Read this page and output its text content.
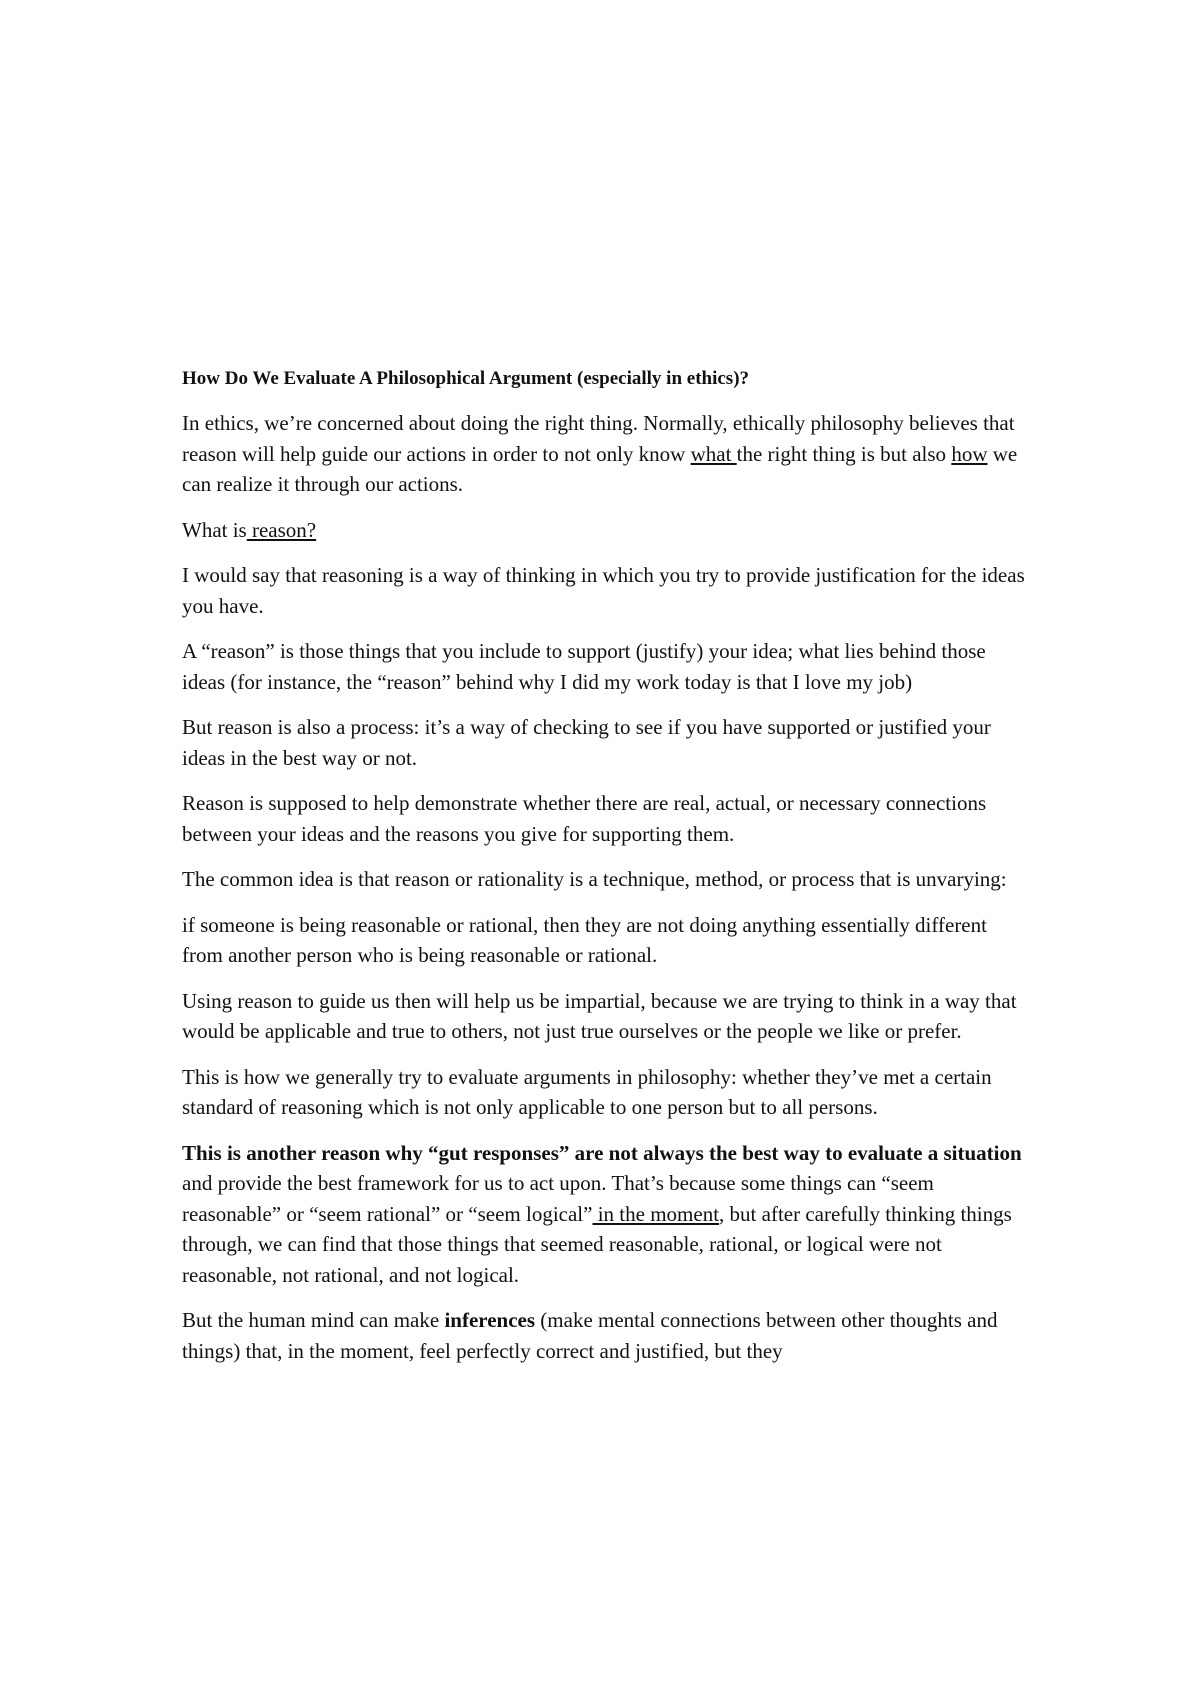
How Do We Evaluate A Philosophical Argument (especially in ethics)?

In ethics, we’re concerned about doing the right thing. Normally, ethically philosophy believes that reason will help guide our actions in order to not only know what the right thing is but also how we can realize it through our actions.

What is reason?

I would say that reasoning is a way of thinking in which you try to provide justification for the ideas you have.

A “reason” is those things that you include to support (justify) your idea; what lies behind those ideas (for instance, the “reason” behind why I did my work today is that I love my job)

But reason is also a process: it’s a way of checking to see if you have supported or justified your ideas in the best way or not.

Reason is supposed to help demonstrate whether there are real, actual, or necessary connections between your ideas and the reasons you give for supporting them.

The common idea is that reason or rationality is a technique, method, or process that is unvarying:

if someone is being reasonable or rational, then they are not doing anything essentially different from another person who is being reasonable or rational.

Using reason to guide us then will help us be impartial, because we are trying to think in a way that would be applicable and true to others, not just true ourselves or the people we like or prefer.

This is how we generally try to evaluate arguments in philosophy: whether they’ve met a certain standard of reasoning which is not only applicable to one person but to all persons.

This is another reason why “gut responses” are not always the best way to evaluate a situation and provide the best framework for us to act upon. That’s because some things can “seem reasonable” or “seem rational” or “seem logical” in the moment, but after carefully thinking things through, we can find that those things that seemed reasonable, rational, or logical were not reasonable, not rational, and not logical.

But the human mind can make inferences (make mental connections between other thoughts and things) that, in the moment, feel perfectly correct and justified, but they
